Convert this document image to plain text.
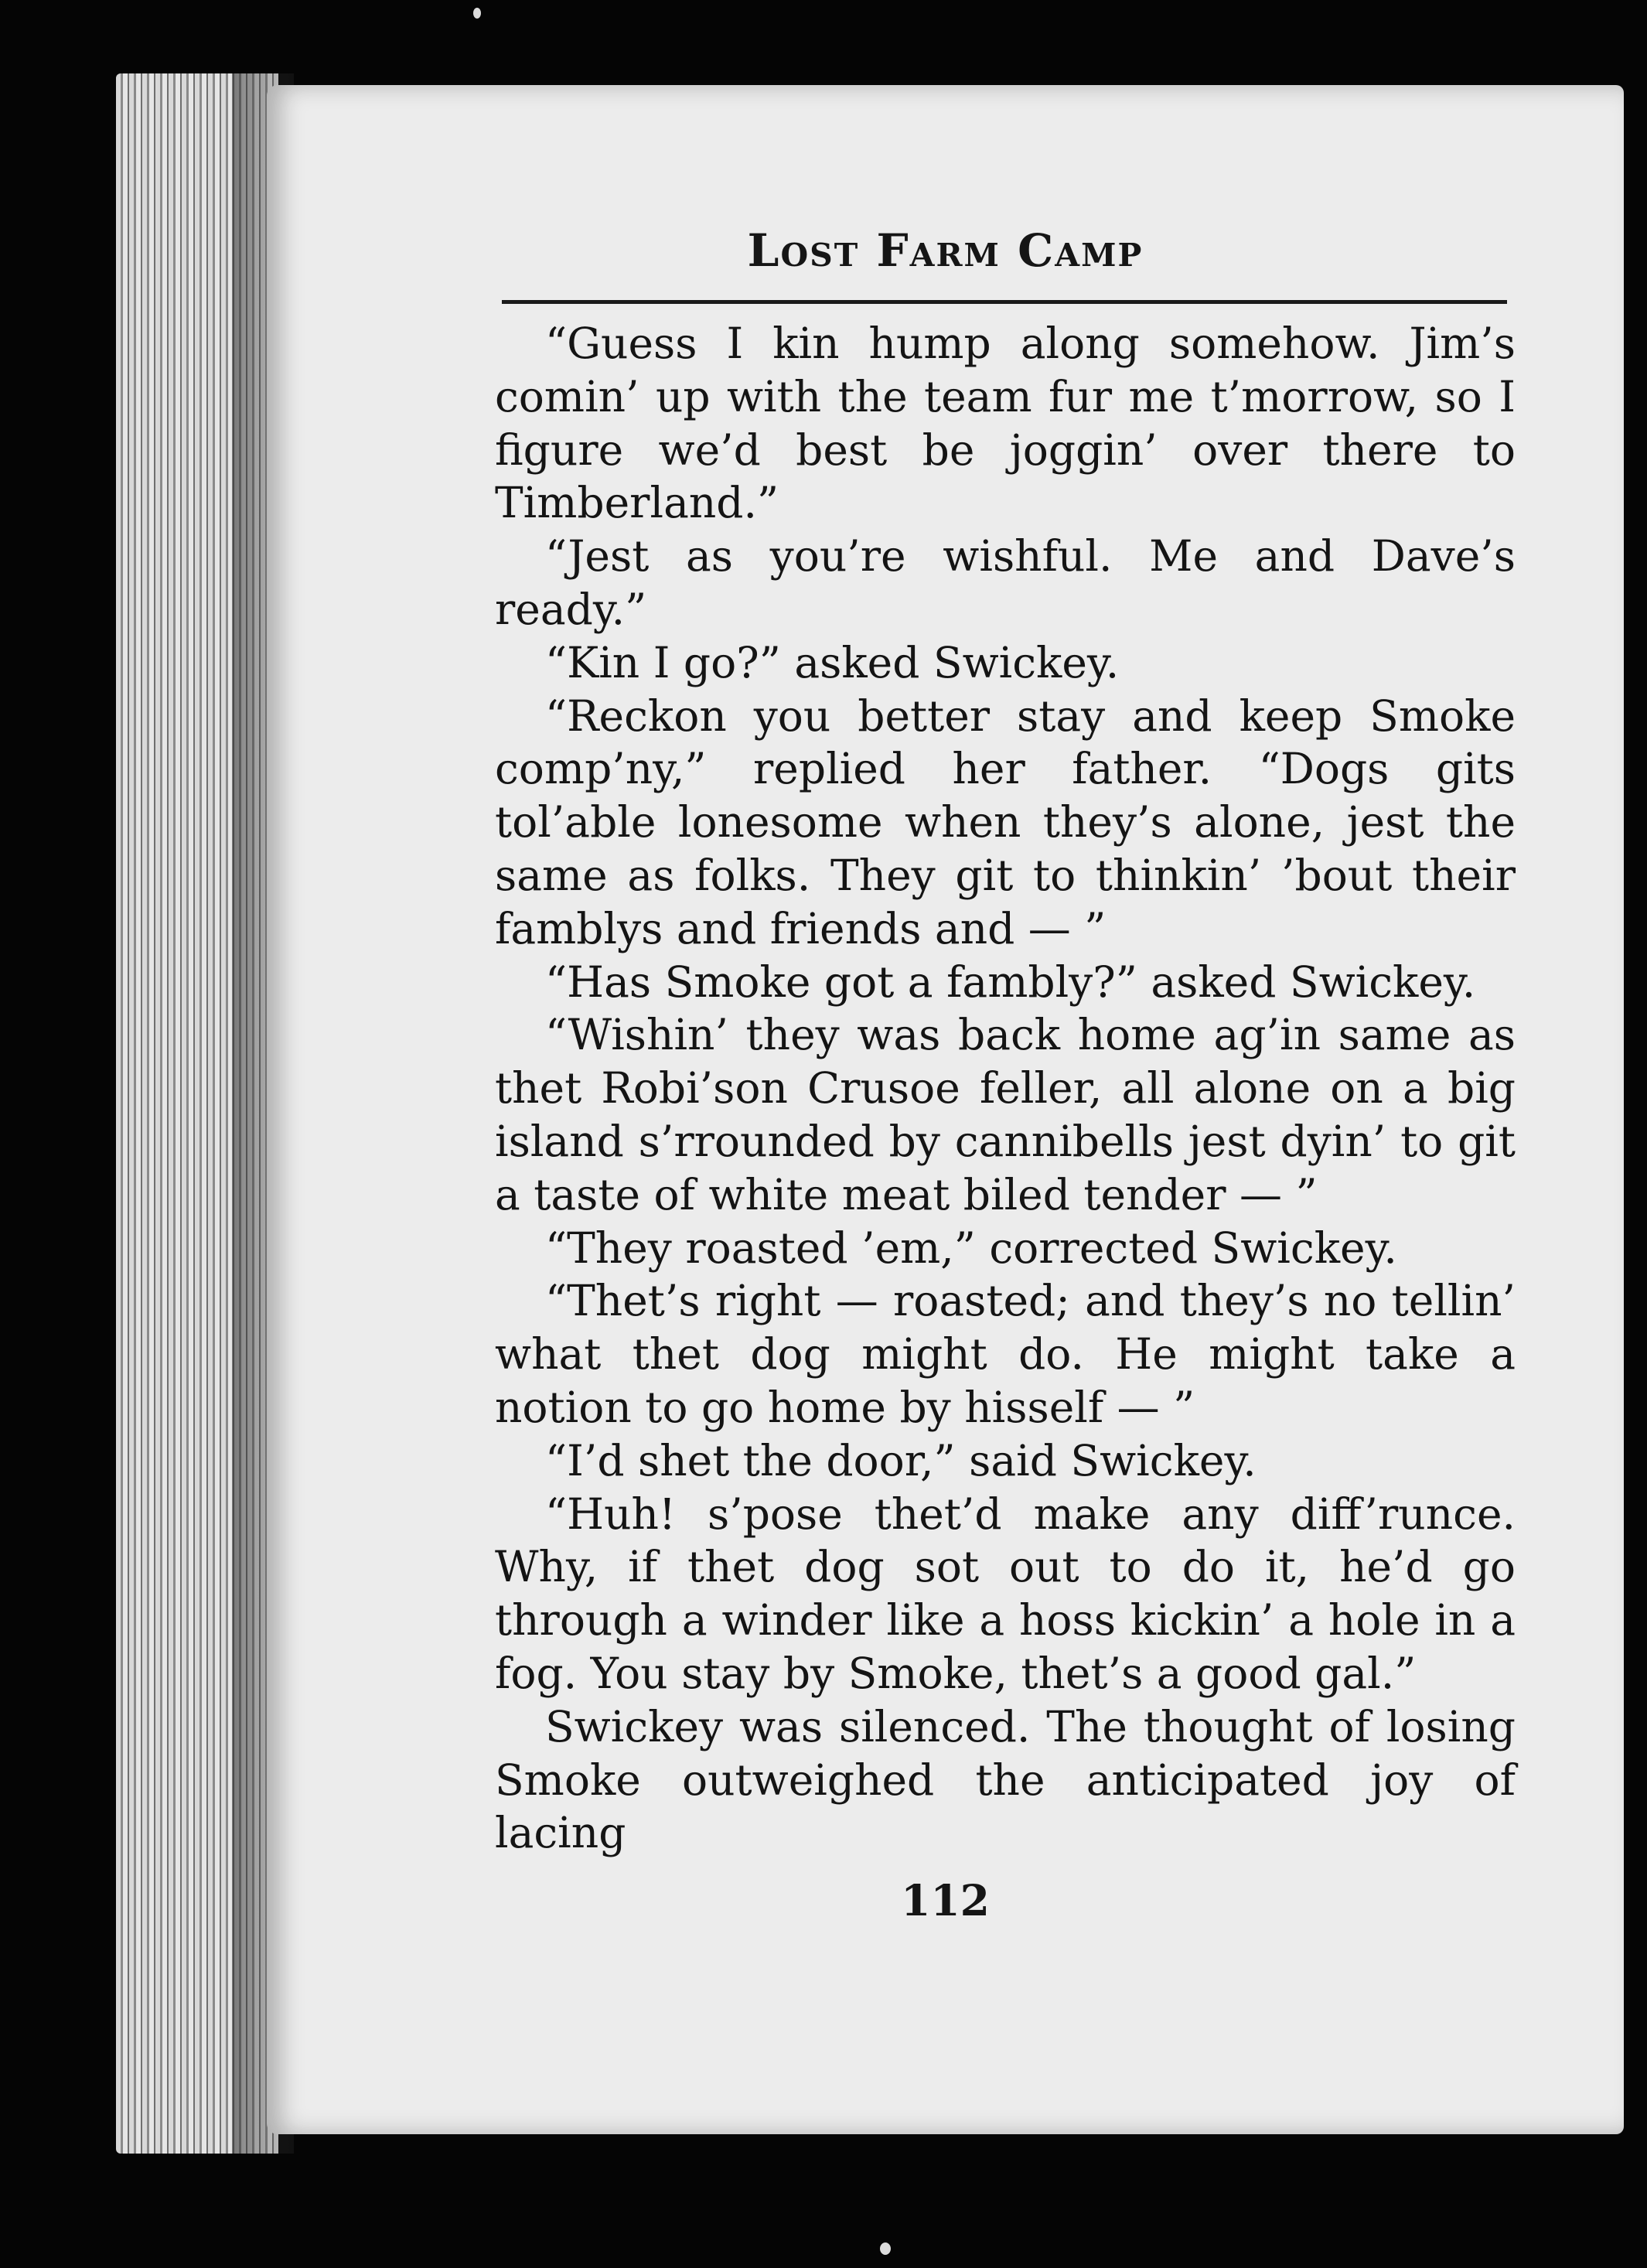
Lost Farm Camp

“Guess I kin hump along somehow. Jim’s comin’ up with the team fur me t’morrow, so I figure we’d best be joggin’ over there to Timberland.”

“Jest as you’re wishful. Me and Dave’s ready.”

“Kin I go?” asked Swickey.

“Reckon you better stay and keep Smoke comp’ny,” replied her father. “Dogs gits tol’able lonesome when they’s alone, jest the same as folks. They git to thinkin’ ’bout their famblys and friends and — ”

“Has Smoke got a fambly?” asked Swickey.

“Wishin’ they was back home ag’in same as thet Robi’son Crusoe feller, all alone on a big island s’rrounded by cannibells jest dyin’ to git a taste of white meat biled tender — ”

“They roasted ’em,” corrected Swickey.

“Thet’s right — roasted; and they’s no tellin’ what thet dog might do. He might take a notion to go home by hisself — ”

“I’d shet the door,” said Swickey.

“Huh! s’pose thet’d make any diff’runce. Why, if thet dog sot out to do it, he’d go through a winder like a hoss kickin’ a hole in a fog. You stay by Smoke, thet’s a good gal.”

Swickey was silenced. The thought of losing Smoke outweighed the anticipated joy of lacing

112
